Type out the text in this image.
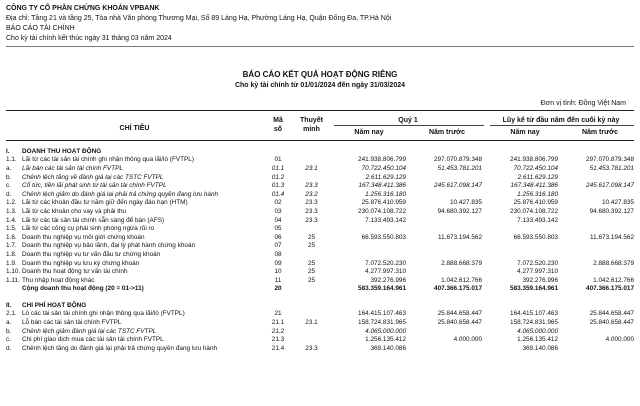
CÔNG TY CỔ PHẦN CHỨNG KHOÁN VPBANK
Địa chỉ: Tầng 21 và tầng 25, Tòa nhà Văn phòng Thương Mại, Số 89 Láng Hạ, Phường Láng Hạ, Quận Đống Đa, TP.Hà Nội
BÁO CÁO TÀI CHÍNH
Cho kỳ tài chính kết thúc ngày 31 tháng 03 năm 2024
BÁO CÁO KẾT QUẢ HOẠT ĐỘNG RIÊNG
Cho kỳ tài chính từ 01/01/2024 đến ngày 31/03/2024
Đơn vị tính: Đồng Việt Nam
CHỈ TIÊU
Mã
số
Thuyết
minh
Quý 1	Lũy kế từ đầu năm đến cuối kỳ này
Năm nay	Năm trước	Năm nay	Năm trước
I.	DOANH THU HOẠT ĐỘNG						
1.1.	Lãi từ các tài sản tài chính ghi nhận thông qua lãi/lỗ (FVTPL)	01		241.938.806.799	297.070.879.348	241.938.806.799	297.070.879.348
a.	Lãi bán các tài sản tài chính FVTPL	01.1	23.1	70.722.450.104	51.453.781.201	70.722.450.104	51.453.781.201
b.	Chênh lệch tăng về đánh giá lại các TSTC FVTPL	01.2		2.611.629.129		2.611.629.129	
c.	Cổ tức, tiền lãi phát sinh từ tài sản tài chính FVTPL	01.3	23.3	167.348.411.386	245.617.098.147	167.348.411.386	245.617.098.147
d.	Chênh lệch giảm do đánh giá lại phải trả chứng quyền đang lưu hành	01.4	23.2	1.256.316.180		1.256.316.180	
1.2.	Lãi từ các khoản đầu tư nắm giữ đến ngày đáo hạn (HTM)	02	23.3	25.876.410.959	10.427.835	25.876.410.959	10.427.835
1.3.	Lãi từ các khoản cho vay và phải thu	03	23.3	230.074.108.722	94.680.392.127	230.074.108.722	94.680.392.127
1.4.	Lãi từ các tài sản tài chính sẵn sàng để bán (AFS)	04	23.3	7.133.493.142		7.133.493.142	
1.5.	Lãi từ các công cụ phái sinh phòng ngừa rủi ro	05					
1.6.	Doanh thu nghiệp vụ môi giới chứng khoán	06	25	66.593.550.803	11.673.194.562	66.593.550.803	11.673.194.562
1.7.	Doanh thu nghiệp vụ bảo lãnh, đại lý phát hành chứng khoán	07	25				
1.8.	Doanh thu nghiệp vụ tư vấn đầu tư chứng khoán	08					
1.9.	Doanh thu nghiệp vụ lưu ký chứng khoán	09	25	7.072.520.230	2.888.668.379	7.072.520.230	2.888.668.379
1.10.	Doanh thu hoạt động tư vấn tài chính	10	25	4.277.997.310		4.277.997.310	
1.11.	Thu nhập hoạt động khác	11	25	392.276.996	1.042.612.766	392.276.996	1.042.612.766
	Cộng doanh thu hoạt động (20 = 01->11)	20		583.359.164.961	407.366.175.017	583.359.164.961	407.366.175.017

II.	CHI PHÍ HOẠT ĐỘNG						
2.1.	Lỗ các tài sản tài chính ghi nhận thông qua lãi/lỗ (FVTPL)	21		164.415.107.463	25.844.658.447	164.415.107.463	25.844.658.447
a.	Lỗ bán các tài sản tài chính FVTPL	21.1	23.1	158.724.831.965	25.840.658.447	158.724.831.965	25.840.658.447
b.	Chênh lệch giảm đánh giá lại các TSTC FVTPL	21.2		4.065.000.000		4.065.000.000	
c.	Chi phí giao dịch mua các tài sản tài chính FVTPL	21.3		1.256.135.412	4.000.000	1.256.135.412	4.000.000
d.	Chênh lệch tăng do đánh giá lại phải trả chứng quyền đang lưu hành	21.4	23.3	369.140.086		369.140.086	
